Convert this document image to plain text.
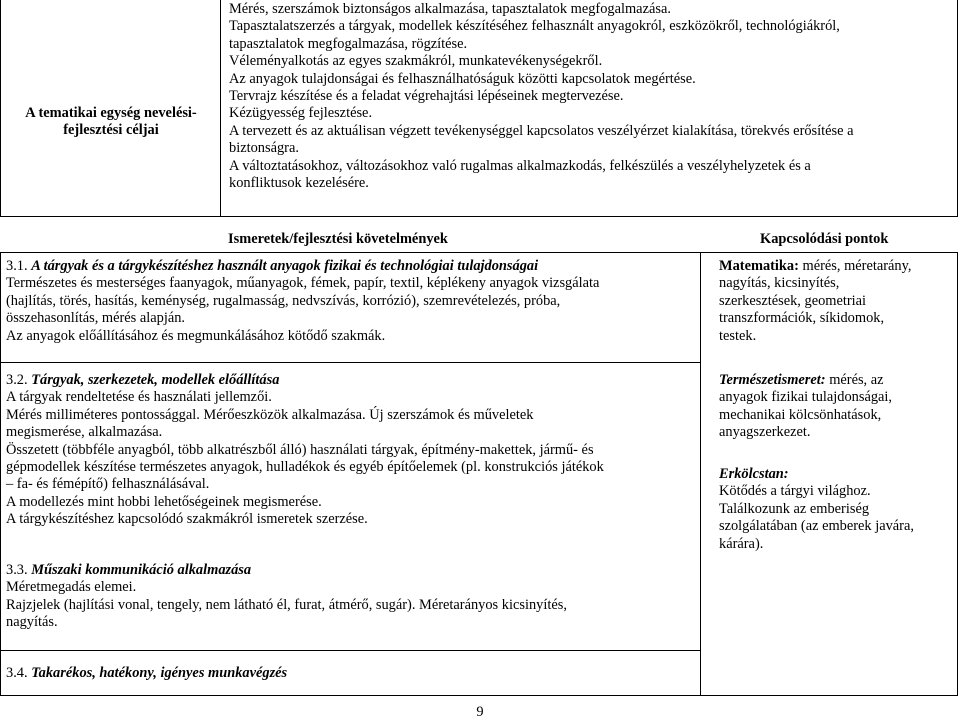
A tematikai egység nevelési-
fejlesztési céljai
Mérés, szerszámok biztonságos alkalmazása, tapasztalatok megfogalmazása.
Tapasztalatszerzés a tárgyak, modellek készítéséhez felhasznált anyagokról, eszközökről, technológiákról,
tapasztalatok megfogalmazása, rögzítése.
Véleményalkotás az egyes szakmákról, munkatevékenységekről.
Az anyagok tulajdonságai és felhasználhatóságuk közötti kapcsolatok megértése.
Tervrajz készítése és a feladat végrehajtási lépéseinek megtervezése.
Kézügyesség fejlesztése.
A tervezett és az aktuálisan végzett tevékenységgel kapcsolatos veszélyérzet kialakítása, törekvés erősítése a
biztonságra.
A változtatásokhoz, változásokhoz való rugalmas alkalmazkodás, felkészülés a veszélyhelyzetek és a
konfliktusok kezelésére.
Ismeretek/fejlesztési követelmények	Kapcsolódási pontok
3.1. A tárgyak és a tárgykészítéshez használt anyagok fizikai és technológiai tulajdonságai
Természetes és mesterséges faanyagok, műanyagok, fémek, papír, textil, képlékeny anyagok vizsgálata
(hajlítás, törés, hasítás, keménység, rugalmasság, nedvszívás, korrózió), szemrevételezés, próba,
összehasonlítás, mérés alapján.
Az anyagok előállításához és megmunkálásához kötődő szakmák.
3.2. Tárgyak, szerkezetek, modellek előállítása
A tárgyak rendeltetése és használati jellemzői.
Mérés milliméteres pontossággal. Mérőeszközök alkalmazása. Új szerszámok és műveletek
megismerése, alkalmazása.
Összetett (többféle anyagból, több alkatrészből álló) használati tárgyak, építmény-makettek, jármű- és
gépmodellek készítése természetes anyagok, hulladékok és egyéb építőelemek (pl. konstrukciós játékok
– fa- és fémépítő) felhasználásával.
A modellezés mint hobbi lehetőségeinek megismerése.
A tárgykészítéshez kapcsolódó szakmákról ismeretek szerzése.
3.3. Műszaki kommunikáció alkalmazása
Méretmegadás elemei.
Rajzjelek (hajlítási vonal, tengely, nem látható él, furat, átmérő, sugár). Méretarányos kicsinyítés,
nagyítás.
3.4. Takarékos, hatékony, igényes munkavégzés
Matematika: mérés, méretarány,
nagyítás, kicsinyítés,
szerkesztések, geometriai
transzformációk, síkidomok,
testek.
Természetismeret: mérés, az
anyagok fizikai tulajdonságai,
mechanikai kölcsönhatások,
anyagszerkezet.
Erkölcstan:
Kötődés a tárgyi világhoz.
Találkozunk az emberiség
szolgálatában (az emberek javára,
kárára).
9
